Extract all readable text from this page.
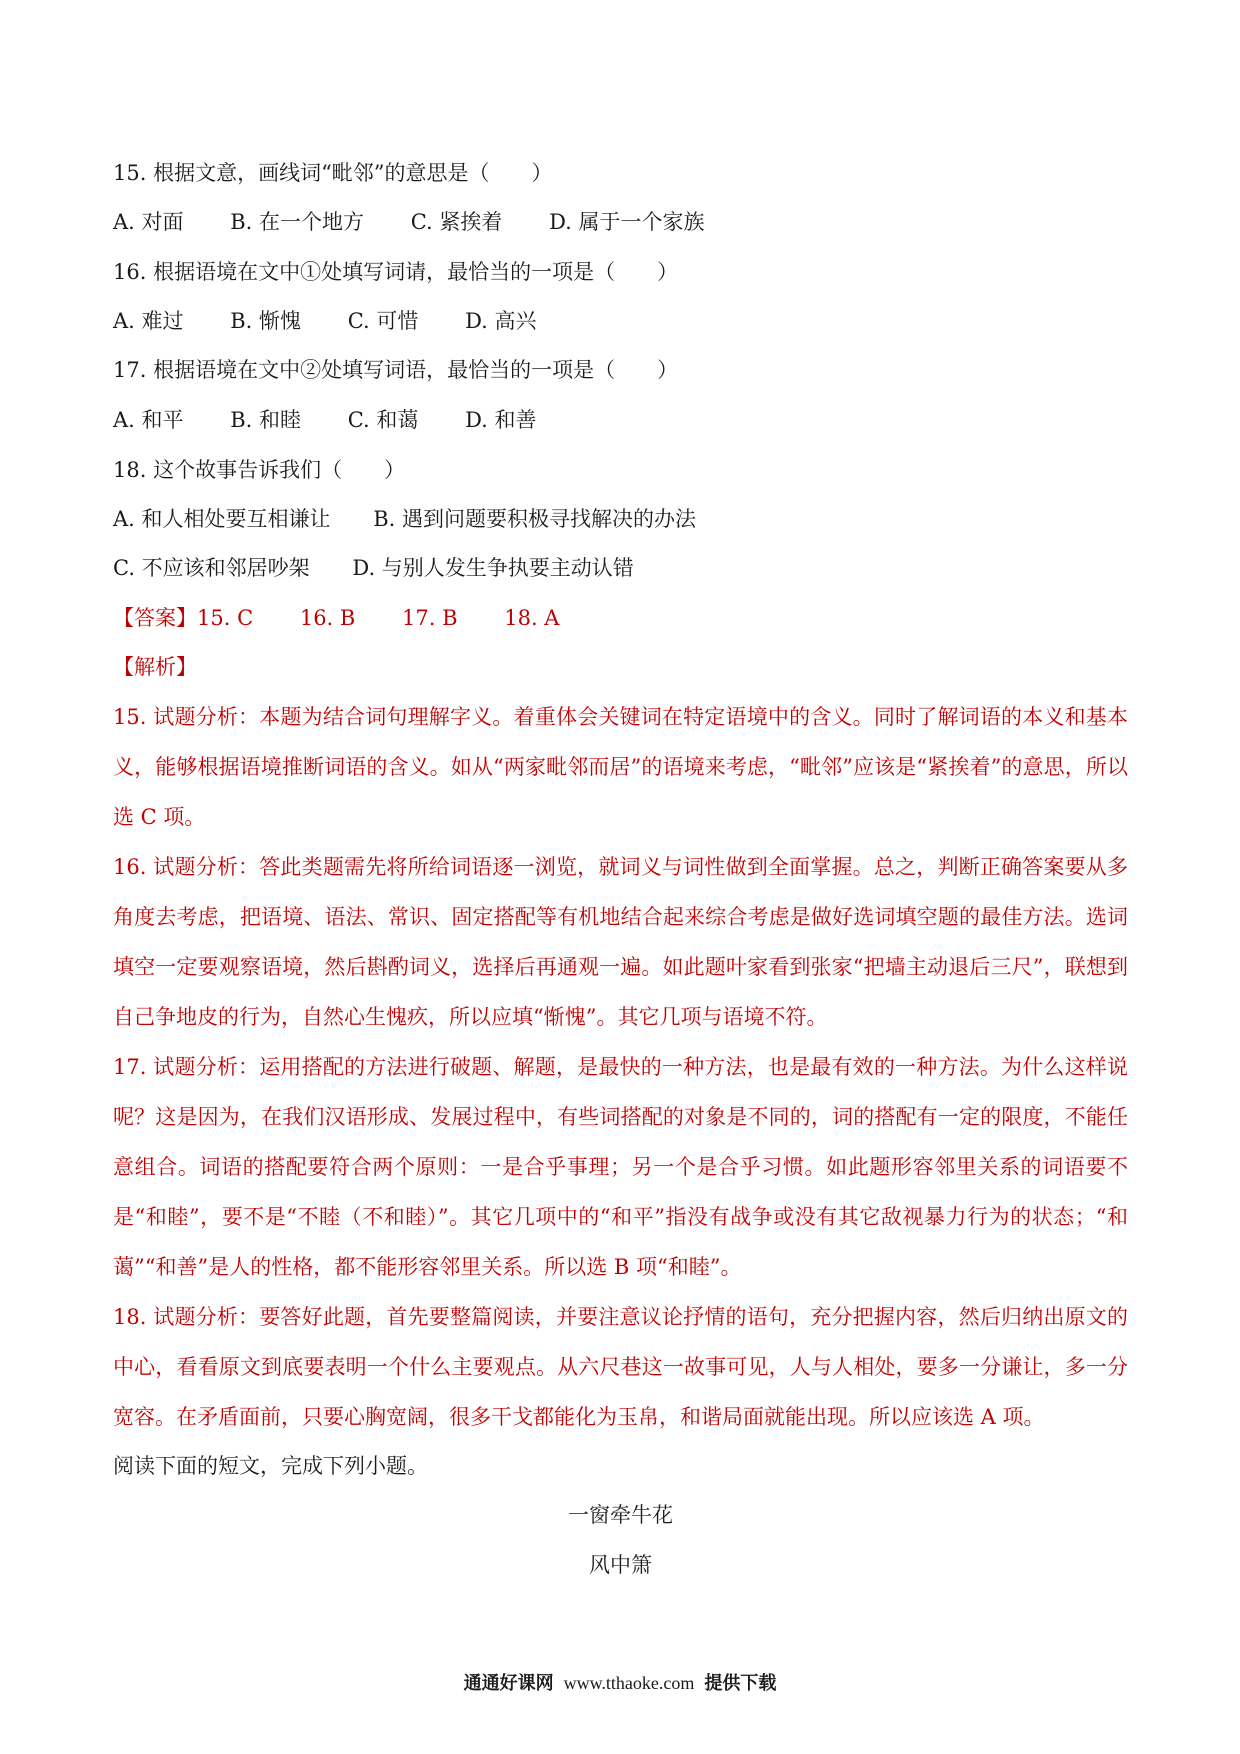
15. 根据文意，画线词“毗邻”的意思是（　　）
A. 对面 B. 在一个地方 C. 紧挨着 D. 属于一个家族
16. 根据语境在文中①处填写词请，最恰当的一项是（　　）
A. 难过 B. 惭愧 C. 可惜 D. 高兴
17. 根据语境在文中②处填写词语，最恰当的一项是（　　）
A. 和平 B. 和睦 C. 和蔼 D. 和善
18. 这个故事告诉我们（　　）
A. 和人相处要互相谦让 B. 遇到问题要积极寻找解决的办法
C. 不应该和邻居吵架 D. 与别人发生争执要主动认错
【答案】15. C 16. B 17. B 18. A
【解析】
15. 试题分析：本题为结合词句理解字义。着重体会关键词在特定语境中的含义。同时了解词语的本义和基本义，能够根据语境推断词语的含义。如从“两家毗邻而居”的语境来考虑，“毗邻”应该是“紧挨着”的意思，所以选 C 项。
16. 试题分析：答此类题需先将所给词语逐一浏览，就词义与词性做到全面掌握。总之，判断正确答案要从多角度去考虑，把语境、语法、常识、固定搭配等有机地结合起来综合考虑是做好选词填空题的最佳方法。选词填空一定要观察语境，然后斟酌词义，选择后再通观一遍。如此题叶家看到张家“把墙主动退后三尺”，联想到自己争地皮的行为，自然心生愧疚，所以应填“惭愧”。其它几项与语境不符。
17. 试题分析：运用搭配的方法进行破题、解题，是最快的一种方法，也是最有效的一种方法。为什么这样说呢？这是因为，在我们汉语形成、发展过程中，有些词搭配的对象是不同的，词的搭配有一定的限度，不能任意组合。词语的搭配要符合两个原则：一是合乎事理；另一个是合乎习惯。如此题形容邻里关系的词语要不是“和睦”，要不是“不睦（不和睦）”。其它几项中的“和平”指没有战争或没有其它敌视暴力行为的状态；“和蔼”“和善”是人的性格，都不能形容邻里关系。所以选 B 项“和睦”。
18. 试题分析：要答好此题，首先要整篇阅读，并要注意议论抒情的语句，充分把握内容，然后归纳出原文的中心，看看原文到底要表明一个什么主要观点。从六尺巷这一故事可见，人与人相处，要多一分谦让，多一分宽容。在矛盾面前，只要心胸宽阔，很多干戈都能化为玉帛，和谐局面就能出现。所以应该选 A 项。
阅读下面的短文，完成下列小题。
一窗牵牛花
风中箫
通通好课网 www.tthaoke.com 提供下载
